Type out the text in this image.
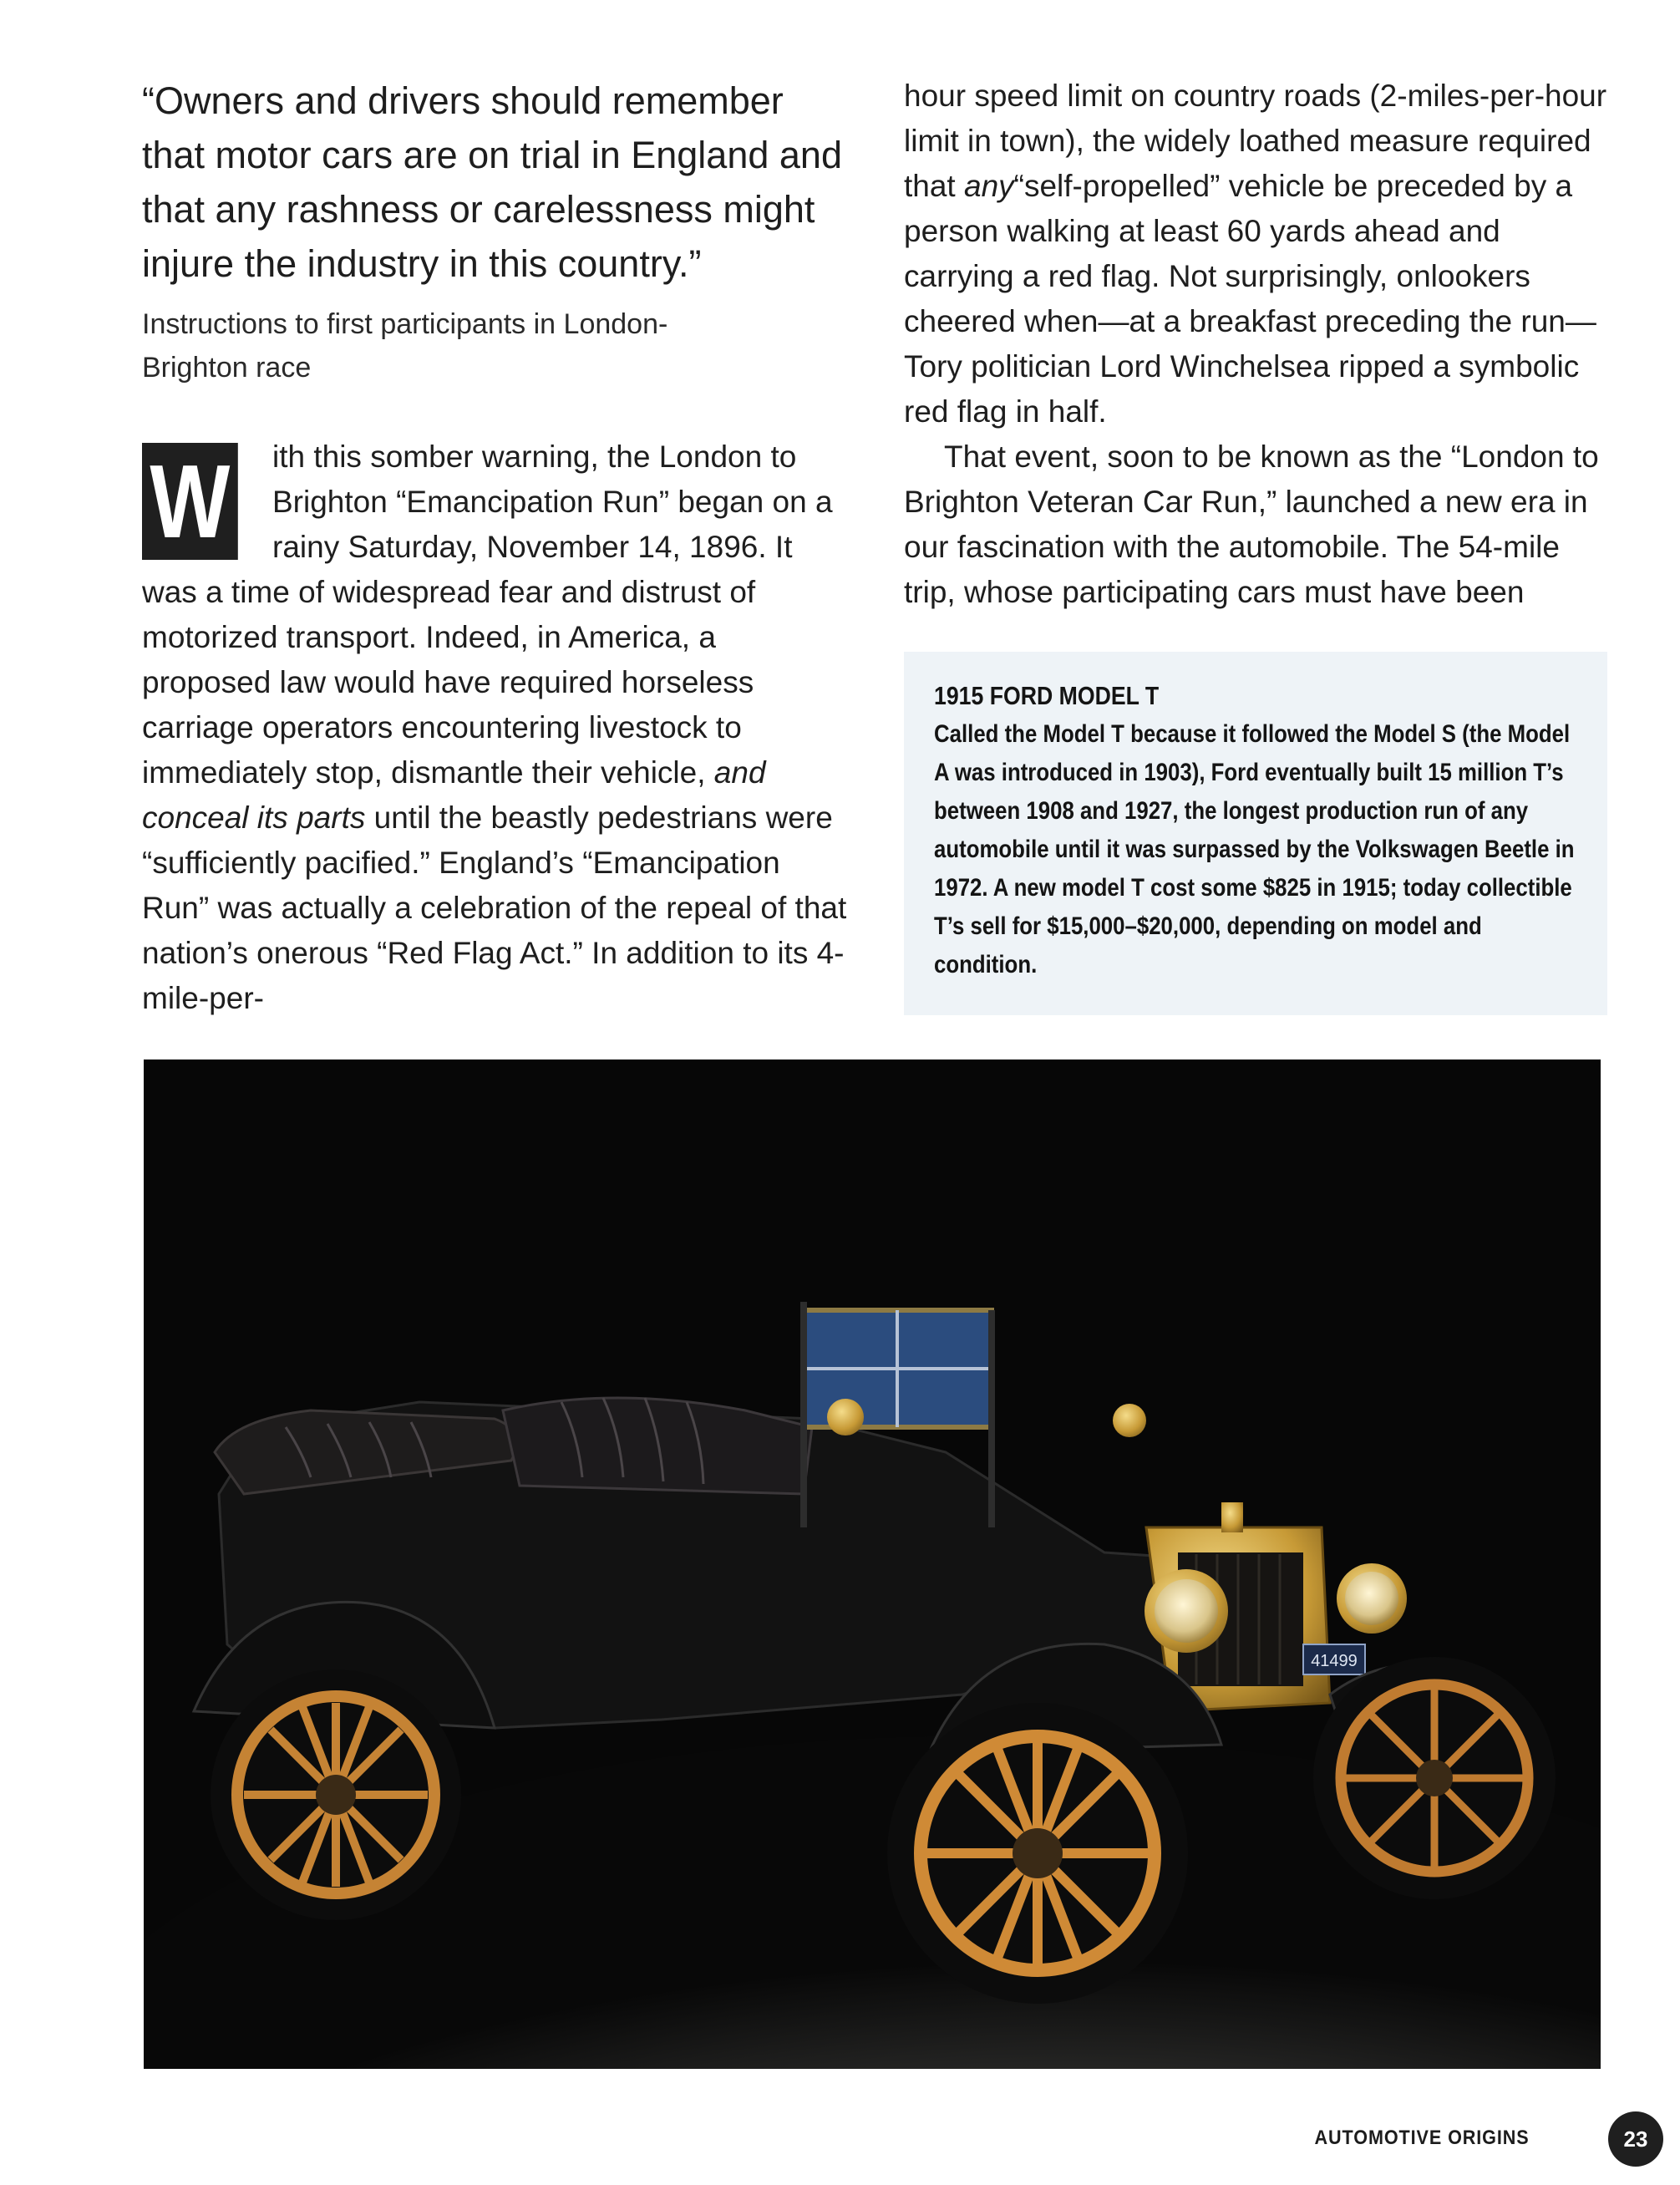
“Owners and drivers should remember that motor cars are on trial in England and that any rashness or carelessness might injure the industry in this country.”

Instructions to first participants in London-Brighton race

W	ith this somber warning, the London to Brighton “Emancipation Run” began on a rainy Saturday, November 14, 1896. It was a time of widespread fear and distrust of motorized transport. Indeed, in America, a proposed law would have required horseless carriage operators encountering livestock to immediately stop, dismantle their vehicle, and conceal its parts until the beastly pedestrians were “sufficiently pacified.” England’s “Emancipation Run” was actually a celebration of the repeal of that nation’s onerous “Red Flag Act.” In addition to its 4-mile-per-

hour speed limit on country roads (2-miles-per-hour limit in town), the widely loathed measure required that any“self-propelled” vehicle be preceded by a person walking at least 60 yards ahead and carrying a red flag. Not surprisingly, onlookers cheered when—at a breakfast preceding the run—Tory politician Lord Winchelsea ripped a symbolic red flag in half.

That event, soon to be known as the “London to Brighton Veteran Car Run,” launched a new era in our fascination with the automobile. The 54-mile trip, whose participating cars must have been

1915 FORD MODEL T

Called the Model T because it followed the Model S (the Model A was introduced in 1903), Ford eventually built 15 million T’s between 1908 and 1927, the longest production run of any automobile until it was surpassed by the Volkswagen Beetle in 1972. A new model T cost some $825 in 1915; today collectible T’s sell for $15,000–$20,000, depending on model and condition.

41499
AUTOMOTIVE ORIGINS	23
